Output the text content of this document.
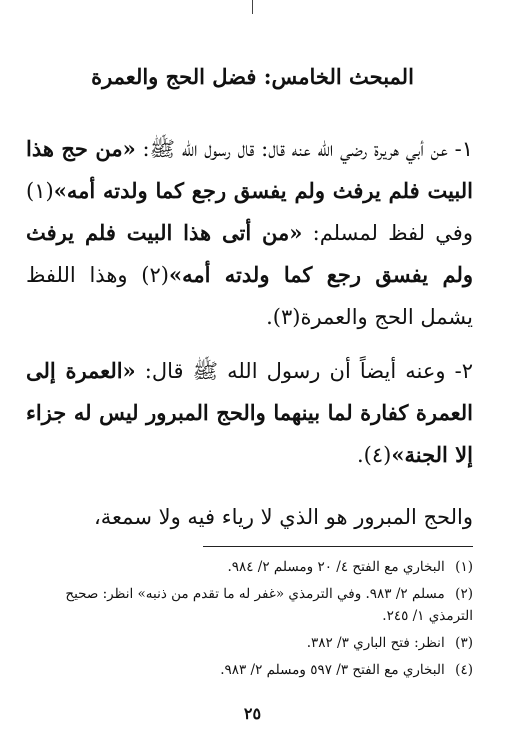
المبحث الخامس: فضل الحج والعمرة
١- عن أبي هريرة رضي الله عنه قال: قال رسول الله ﷺ: «من حج هذا البيت فلم يرفث ولم يفسق رجع كما ولدته أمه»(١) وفي لفظ لمسلم: «من أتى هذا البيت فلم يرفث ولم يفسق رجع كما ولدته أمه»(٢) وهذا اللفظ يشمل الحج والعمرة(٣).
٢- وعنه أيضاً أن رسول الله ﷺ قال: «العمرة إلى العمرة كفارة لما بينهما والحج المبرور ليس له جزاء إلا الجنة»(٤).
والحج المبرور هو الذي لا رياء فيه ولا سمعة،
(١) البخاري مع الفتح ٤/ ٢٠ ومسلم ٢/ ٩٨٤.
(٢) مسلم ٢/ ٩٨٣. وفي الترمذي «غفر له ما تقدم من ذنبه» انظر: صحيح الترمذي ١/ ٢٤٥.
(٣) انظر: فتح الباري ٣/ ٣٨٢.
(٤) البخاري مع الفتح ٣/ ٥٩٧ ومسلم ٢/ ٩٨٣.
٢٥
